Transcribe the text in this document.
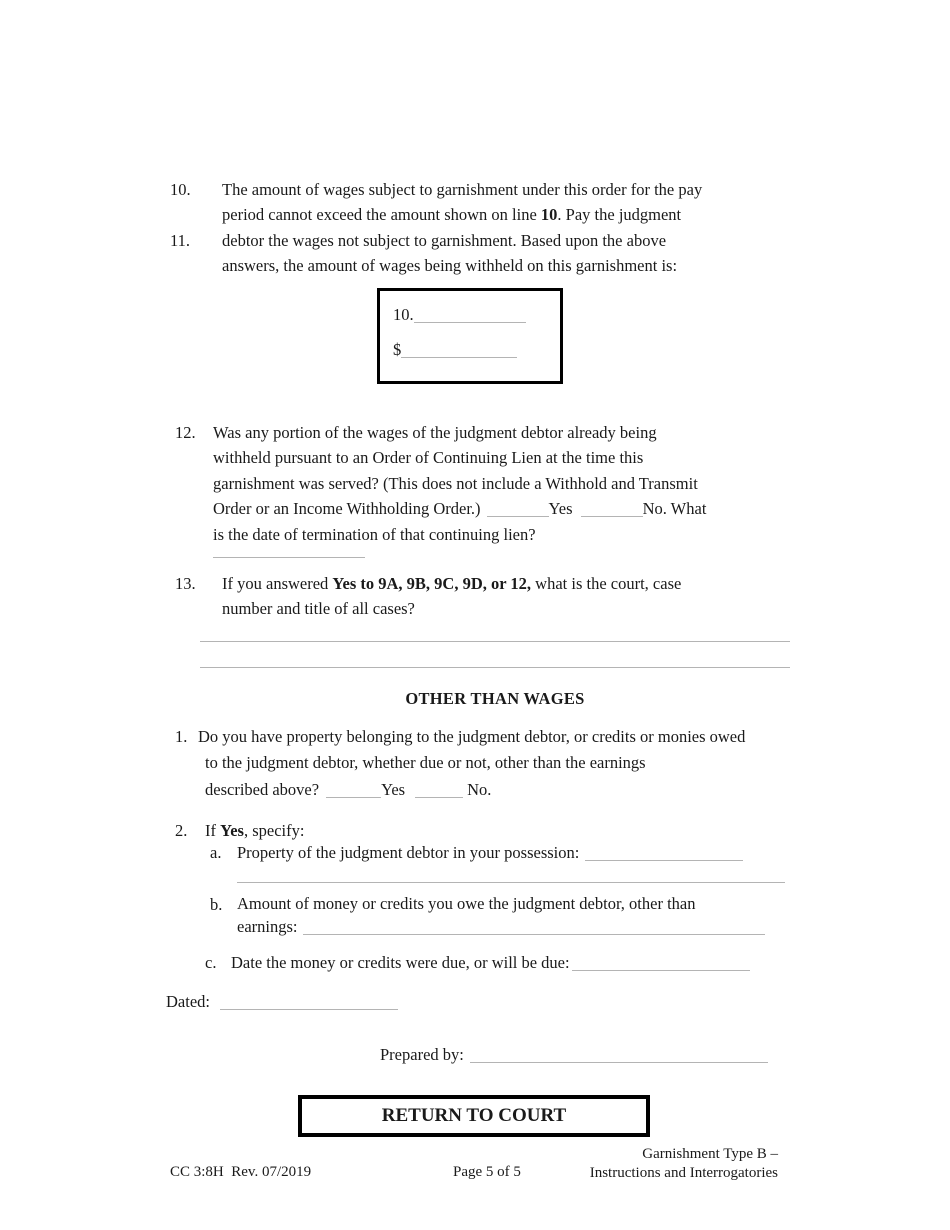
10.
11.
The amount of wages subject to garnishment under this order for the pay
period cannot exceed the amount shown on line 10. Pay the judgment
debtor the wages not subject to garnishment. Based upon the above
answers, the amount of wages being withheld on this garnishment is:
10.
$
12. Was any portion of the wages of the judgment debtor already being
withheld pursuant to an Order of Continuing Lien at the time this
garnishment was served? (This does not include a Withhold and Transmit
Order or an Income Withholding Order.)	Yes	No. What
is the date of termination of that continuing lien?
13. If you answered Yes to 9A, 9B, 9C, 9D, or 12, what is the court, case
number and title of all cases?
OTHER THAN WAGES
1. Do you have property belonging to the judgment debtor, or credits or monies owed
to the judgment debtor, whether due or not, other than the earnings
described above?	Yes	No.
2. If Yes, specify:
a. Property of the judgment debtor in your possession:
b. Amount of money or credits you owe the judgment debtor, other than
earnings:
c. Date the money or credits were due, or will be due:
Dated:
Prepared by:
RETURN TO COURT
CC 3:8H  Rev. 07/2019	Page 5 of 5
Garnishment Type B –
Instructions and Interrogatories
